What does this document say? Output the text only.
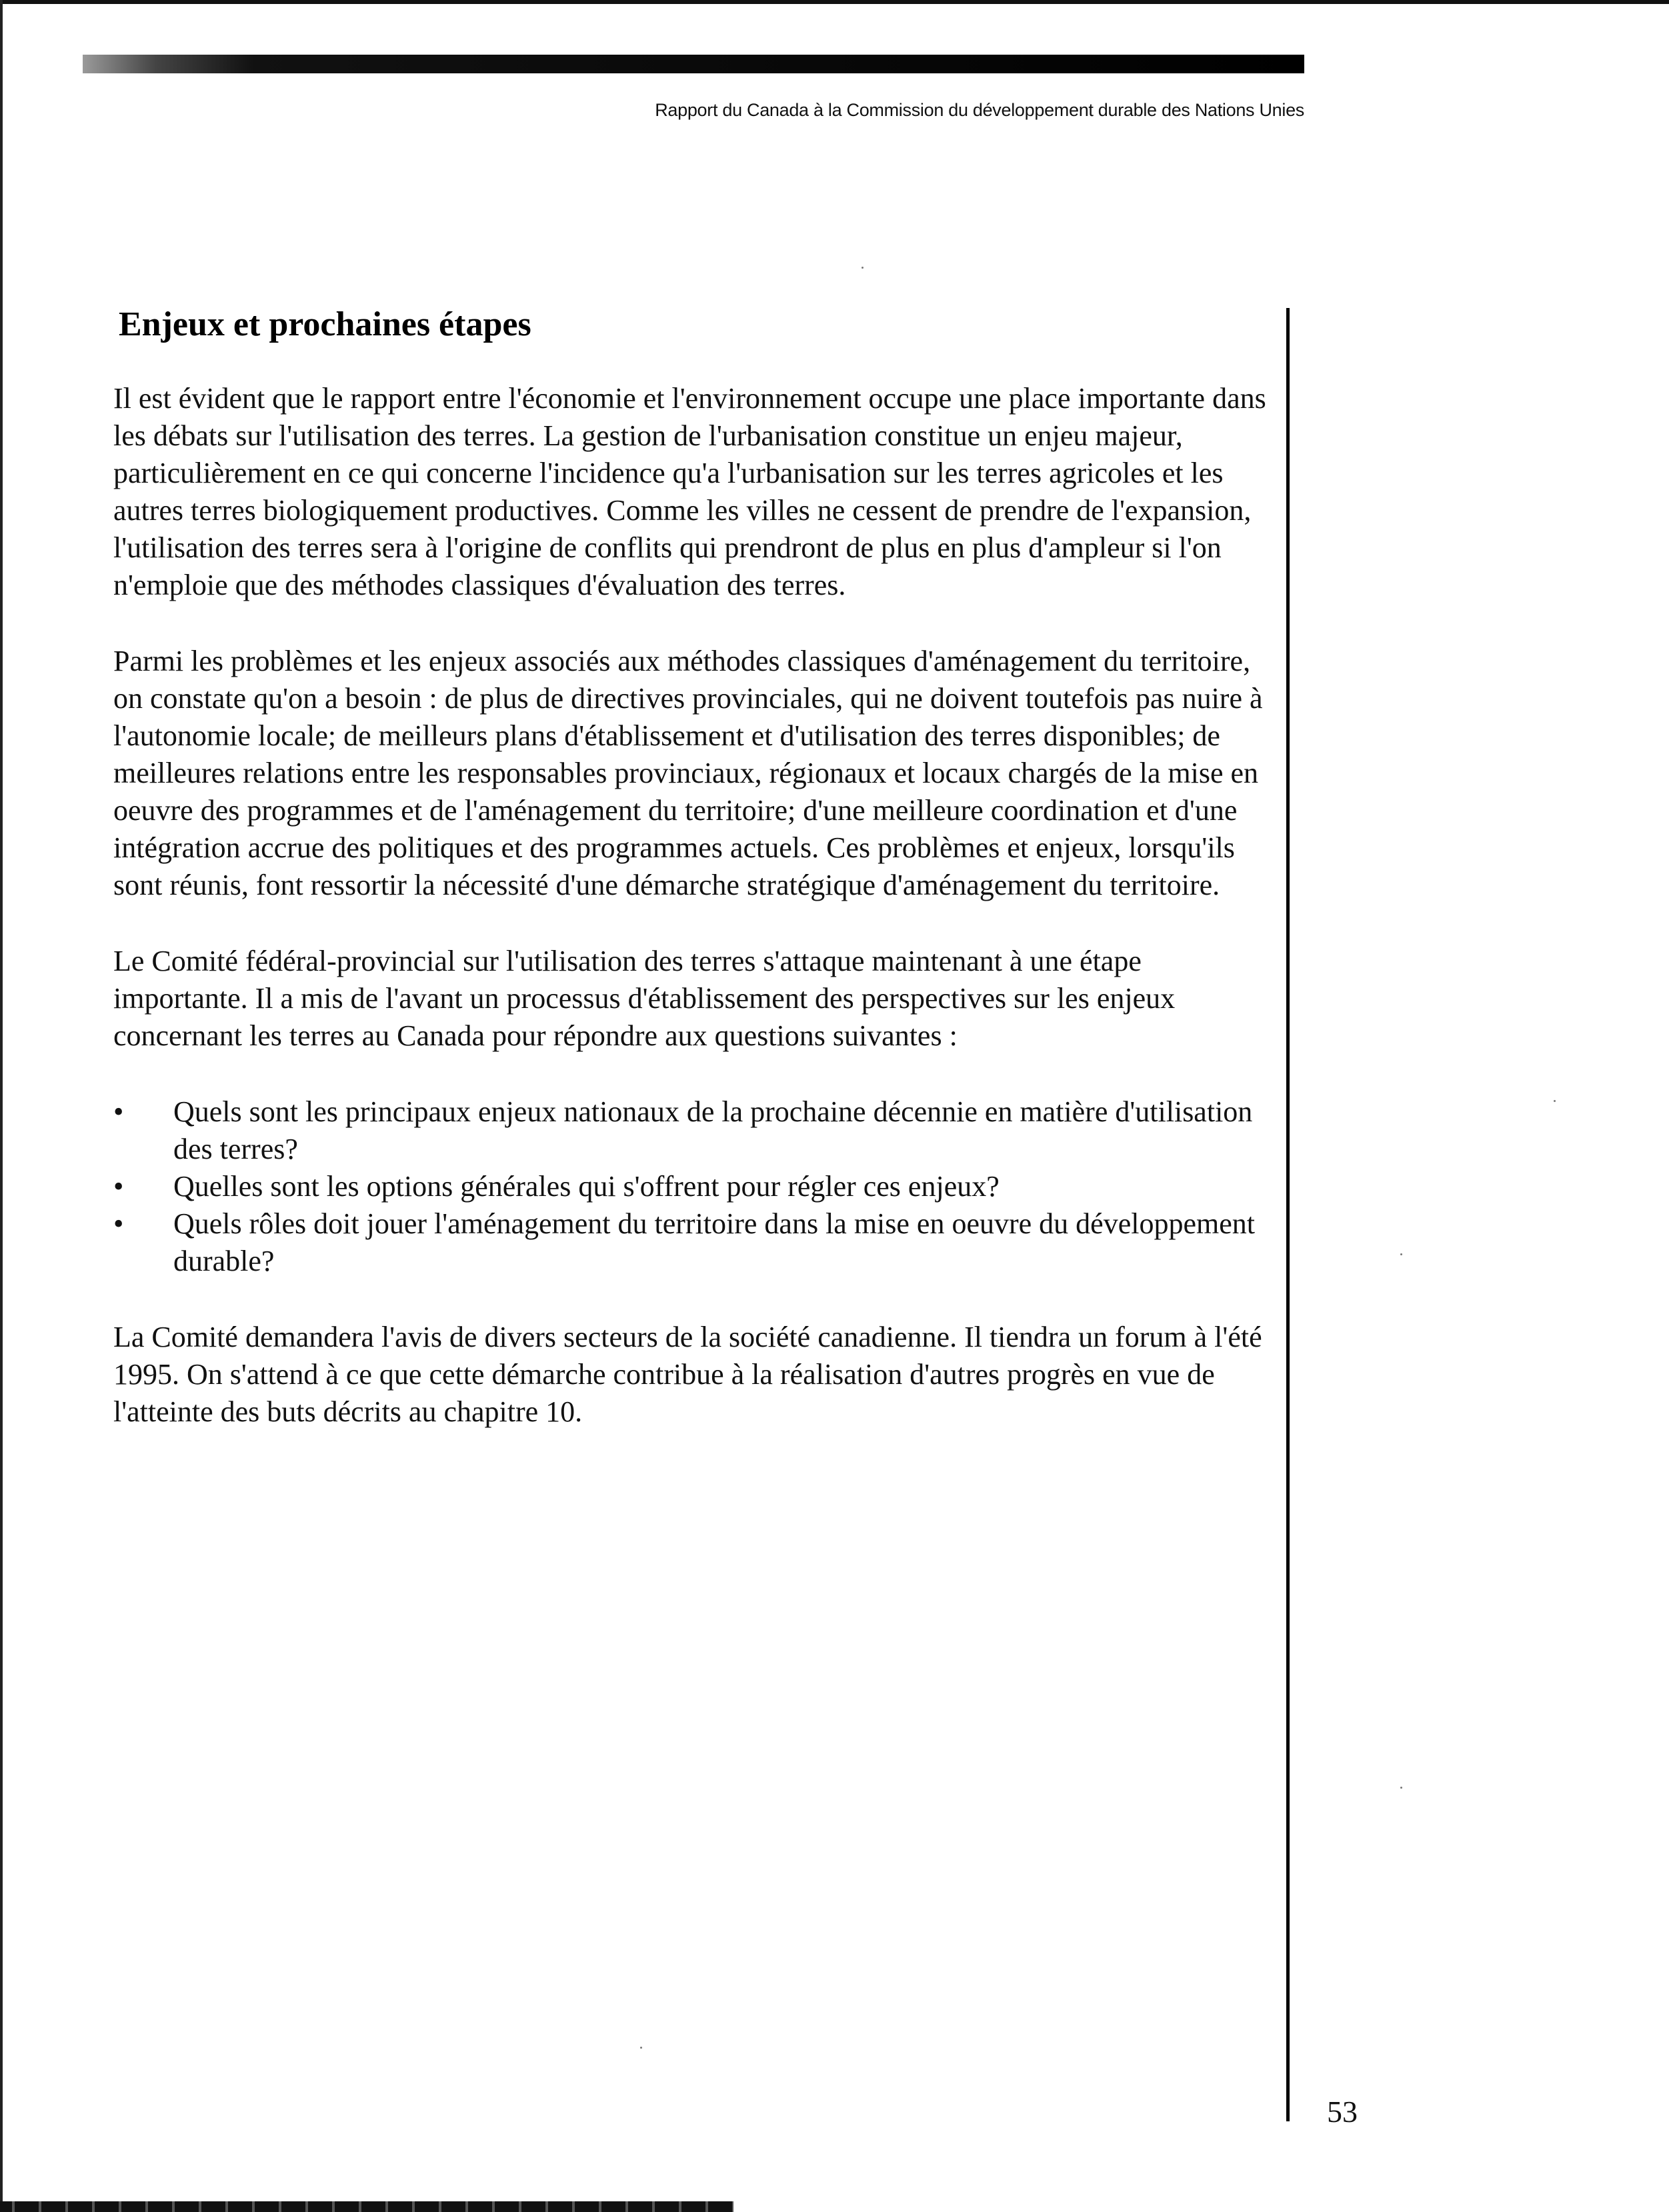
Rapport du Canada à la Commission du développement durable des Nations Unies
Enjeux et prochaines étapes

Il est évident que le rapport entre l'économie et l'environnement occupe une place importante dans les débats sur l'utilisation des terres. La gestion de l'urbanisation constitue un enjeu majeur, particulièrement en ce qui concerne l'incidence qu'a l'urbanisation sur les terres agricoles et les autres terres biologiquement productives. Comme les villes ne cessent de prendre de l'expansion, l'utilisation des terres sera à l'origine de conflits qui prendront de plus en plus d'ampleur si l'on n'emploie que des méthodes classiques d'évaluation des terres.

Parmi les problèmes et les enjeux associés aux méthodes classiques d'aménagement du territoire, on constate qu'on a besoin : de plus de directives provinciales, qui ne doivent toutefois pas nuire à l'autonomie locale; de meilleurs plans d'établissement et d'utilisation des terres disponibles; de meilleures relations entre les responsables provinciaux, régionaux et locaux chargés de la mise en oeuvre des programmes et de l'aménagement du territoire; d'une meilleure coordination et d'une intégration accrue des politiques et des programmes actuels. Ces problèmes et enjeux, lorsqu'ils sont réunis, font ressortir la nécessité d'une démarche stratégique d'aménagement du territoire.

Le Comité fédéral-provincial sur l'utilisation des terres s'attaque maintenant à une étape importante. Il a mis de l'avant un processus d'établissement des perspectives sur les enjeux concernant les terres au Canada pour répondre aux questions suivantes :

• Quels sont les principaux enjeux nationaux de la prochaine décennie en matière d'utilisation des terres?
• Quelles sont les options générales qui s'offrent pour régler ces enjeux?
• Quels rôles doit jouer l'aménagement du territoire dans la mise en oeuvre du développement durable?

La Comité demandera l'avis de divers secteurs de la société canadienne. Il tiendra un forum à l'été 1995. On s'attend à ce que cette démarche contribue à la réalisation d'autres progrès en vue de l'atteinte des buts décrits au chapitre 10.

53
